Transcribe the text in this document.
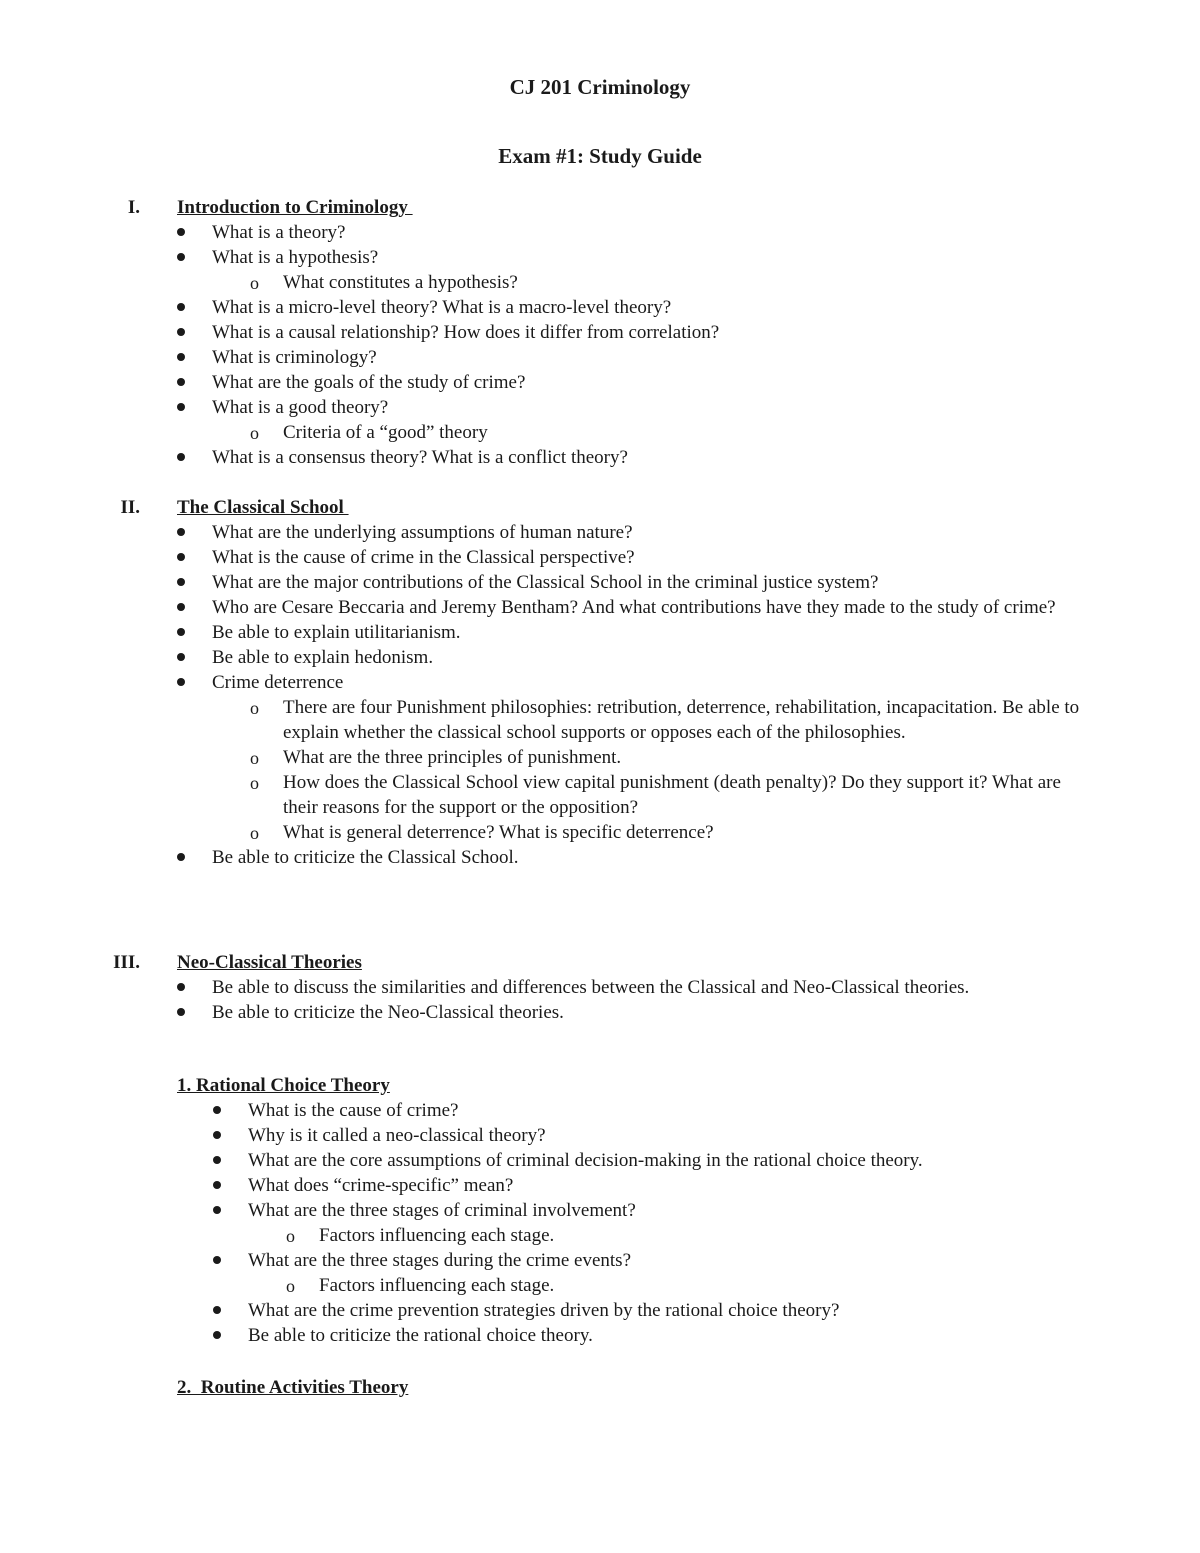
CJ 201 Criminology
Exam #1: Study Guide
I. Introduction to Criminology
What is a theory?
What is a hypothesis?
o What constitutes a hypothesis?
What is a micro-level theory? What is a macro-level theory?
What is a causal relationship? How does it differ from correlation?
What is criminology?
What are the goals of the study of crime?
What is a good theory?
o Criteria of a “good” theory
What is a consensus theory? What is a conflict theory?
II. The Classical School
What are the underlying assumptions of human nature?
What is the cause of crime in the Classical perspective?
What are the major contributions of the Classical School in the criminal justice system?
Who are Cesare Beccaria and Jeremy Bentham? And what contributions have they made to the study of crime?
Be able to explain utilitarianism.
Be able to explain hedonism.
Crime deterrence
o There are four Punishment philosophies: retribution, deterrence, rehabilitation, incapacitation. Be able to explain whether the classical school supports or opposes each of the philosophies.
o What are the three principles of punishment.
o How does the Classical School view capital punishment (death penalty)? Do they support it? What are their reasons for the support or the opposition?
o What is general deterrence? What is specific deterrence?
Be able to criticize the Classical School.
III. Neo-Classical Theories
Be able to discuss the similarities and differences between the Classical and Neo-Classical theories.
Be able to criticize the Neo-Classical theories.
1. Rational Choice Theory
What is the cause of crime?
Why is it called a neo-classical theory?
What are the core assumptions of criminal decision-making in the rational choice theory.
What does “crime-specific” mean?
What are the three stages of criminal involvement?
o Factors influencing each stage.
What are the three stages during the crime events?
o Factors influencing each stage.
What are the crime prevention strategies driven by the rational choice theory?
Be able to criticize the rational choice theory.
2.  Routine Activities Theory
